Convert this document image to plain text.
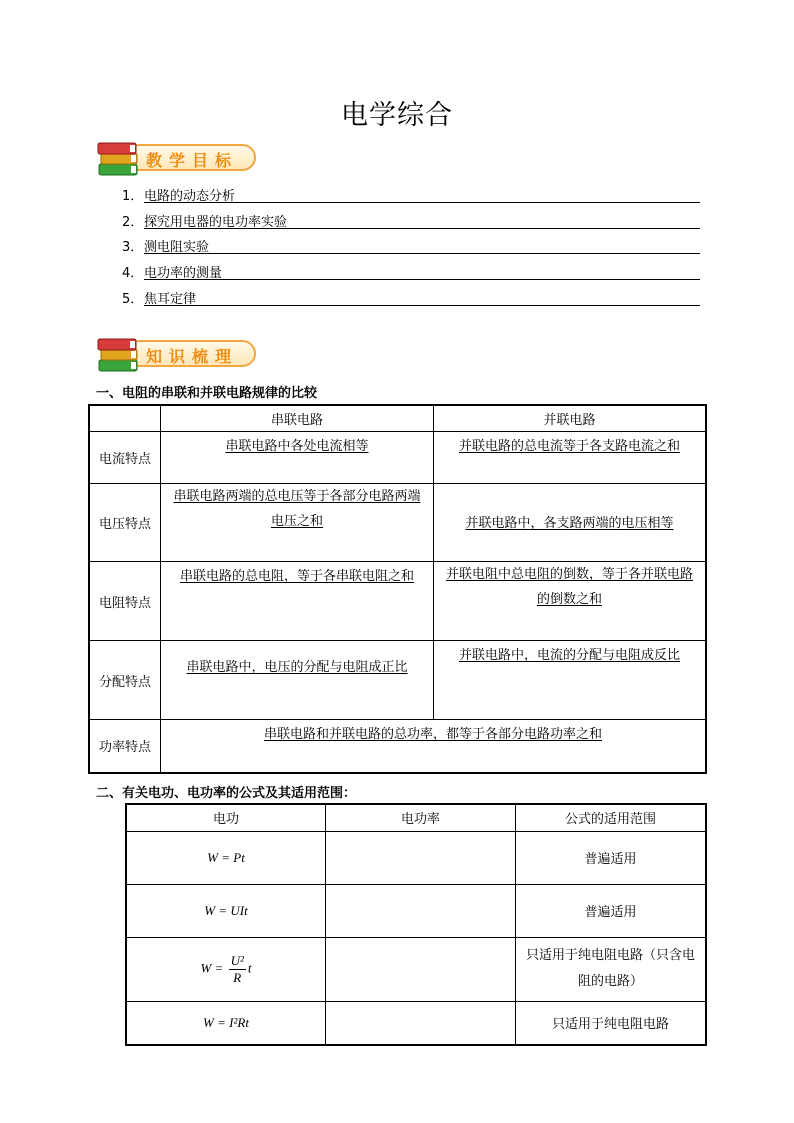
电学综合
教学目标
1． 电路的动态分析
2． 探究用电器的电功率实验
3． 测电阻实验
4． 电功率的测量
5． 焦耳定律
知识梳理
一、电阻的串联和并联电路规律的比较
	串联电路	并联电路
电流特点	串联电路中各处电流相等	并联电路的总电流等于各支路电流之和
电压特点	串联电路两端的总电压等于各部分电路两端电压之和	并联电路中，各支路两端的电压相等
电阻特点	串联电路的总电阻，等于各串联电阻之和	并联电阻中总电阻的倒数，等于各并联电路的倒数之和
分配特点	串联电路中，电压的分配与电阻成正比	并联电路中，电流的分配与电阻成反比
功率特点	串联电路和并联电路的总功率，都等于各部分电路功率之和	
二、有关电功、电功率的公式及其适用范围：
电功	电功率	公式的适用范围
W = Pt		普遍适用
W = UIt		普遍适用
$W = \frac{\text{U²}}{R}$ t		只适用于纯电阻电路（只含电阻的电路）
W = I²Rt		只适用于纯电阻电路
